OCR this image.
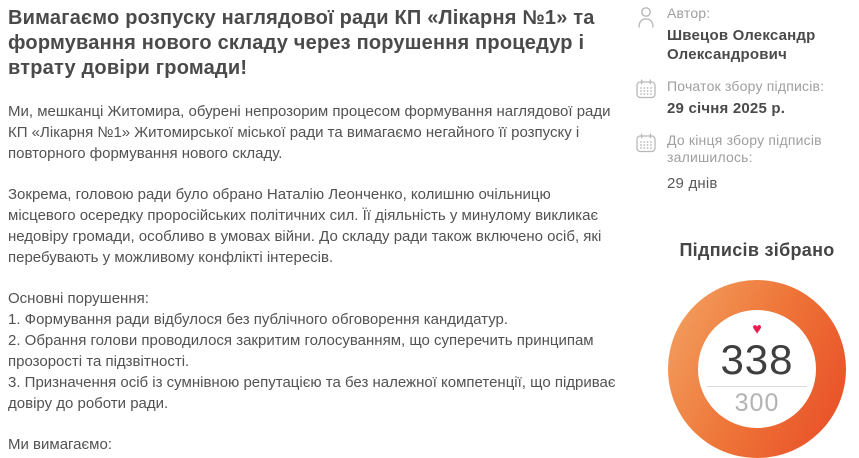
Вимагаємо розпуску наглядової ради КП «Лікарня №1» та формування нового складу через порушення процедур і втрату довіри громади!

Ми, мешканці Житомира, обурені непрозорим процесом формування наглядової ради КП «Лікарня №1» Житомирської міської ради та вимагаємо негайного її розпуску і повторного формування нового складу.

Зокрема, головою ради було обрано Наталію Леонченко, колишню очільницю місцевого осередку проросійських політичних сил. Її діяльність у минулому викликає недовіру громади, особливо в умовах війни. До складу ради також включено осіб, які перебувають у можливому конфлікті інтересів.

Основні порушення:
1. Формування ради відбулося без публічного обговорення кандидатур.
2. Обрання голови проводилося закритим голосуванням, що суперечить принципам прозорості та підзвітності.
3. Призначення осіб із сумнівною репутацією та без належної компетенції, що підриває довіру до роботи ради.

Ми вимагаємо:

Автор:
Швецов Олександр Олександрович
Початок збору підписів:
29 січня 2025 р.
До кінця збору підписів залишилось:
29 днів
Підписів зібрано
♥
338
300
